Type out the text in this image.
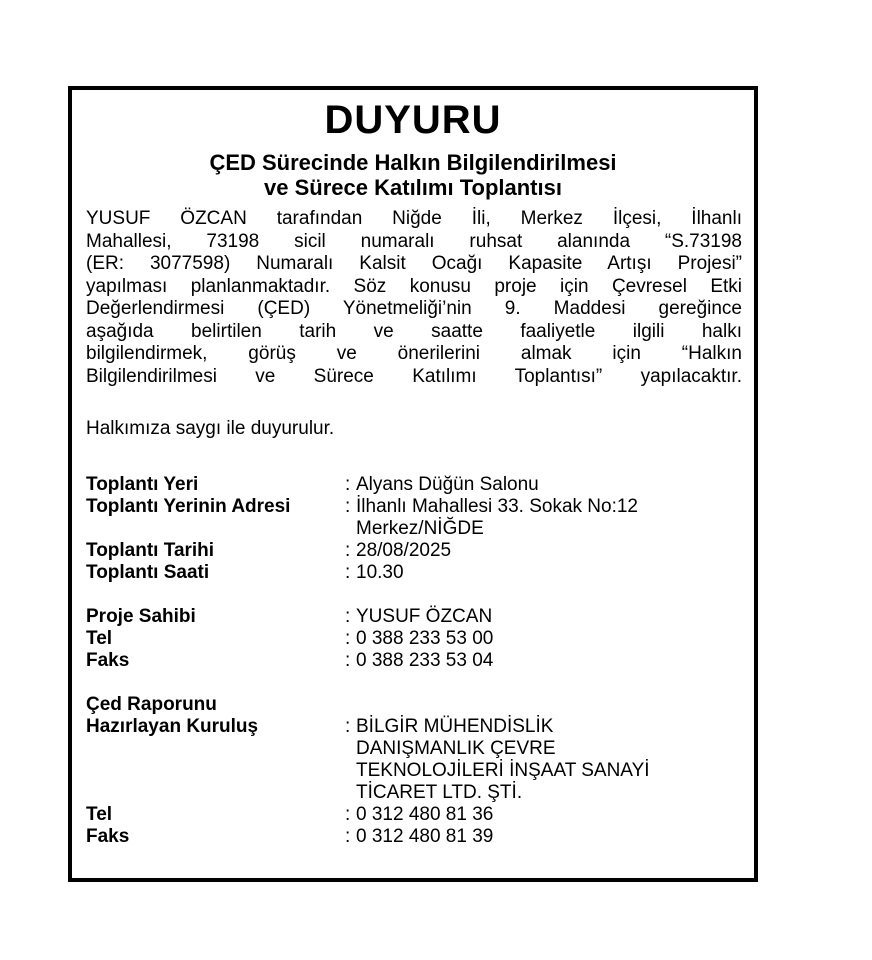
DUYURU
ÇED Sürecinde Halkın Bilgilendirilmesi
ve Sürece Katılımı Toplantısı
YUSUF ÖZCAN tarafından Niğde İli, Merkez İlçesi, İlhanlı
Mahallesi, 73198 sicil numaralı ruhsat alanında “S.73198
(ER: 3077598) Numaralı Kalsit Ocağı Kapasite Artışı Projesi”
yapılması planlanmaktadır. Söz konusu proje için Çevresel Etki
Değerlendirmesi (ÇED) Yönetmeliği’nin 9. Maddesi gereğince
aşağıda belirtilen tarih ve saatte faaliyetle ilgili halkı
bilgilendirmek, görüş ve önerilerini almak için “Halkın
Bilgilendirilmesi ve Sürece Katılımı Toplantısı” yapılacaktır.
Halkımıza saygı ile duyurulur.
Toplantı Yeri	: Alyans Düğün Salonu
Toplantı Yerinin Adresi	: İlhanlı Mahallesi 33. Sokak No:12
Merkez/NİĞDE
Toplantı Tarihi	: 28/08/2025
Toplantı Saati	: 10.30
Proje Sahibi	: YUSUF ÖZCAN
Tel	: 0 388 233 53 00
Faks	: 0 388 233 53 04
Çed Raporunu
Hazırlayan Kuruluş	: BİLGİR MÜHENDİSLİK
DANIŞMANLIK ÇEVRE
TEKNOLOJİLERİ İNŞAAT SANAYİ
TİCARET LTD. ŞTİ.
Tel	: 0 312 480 81 36
Faks	: 0 312 480 81 39
